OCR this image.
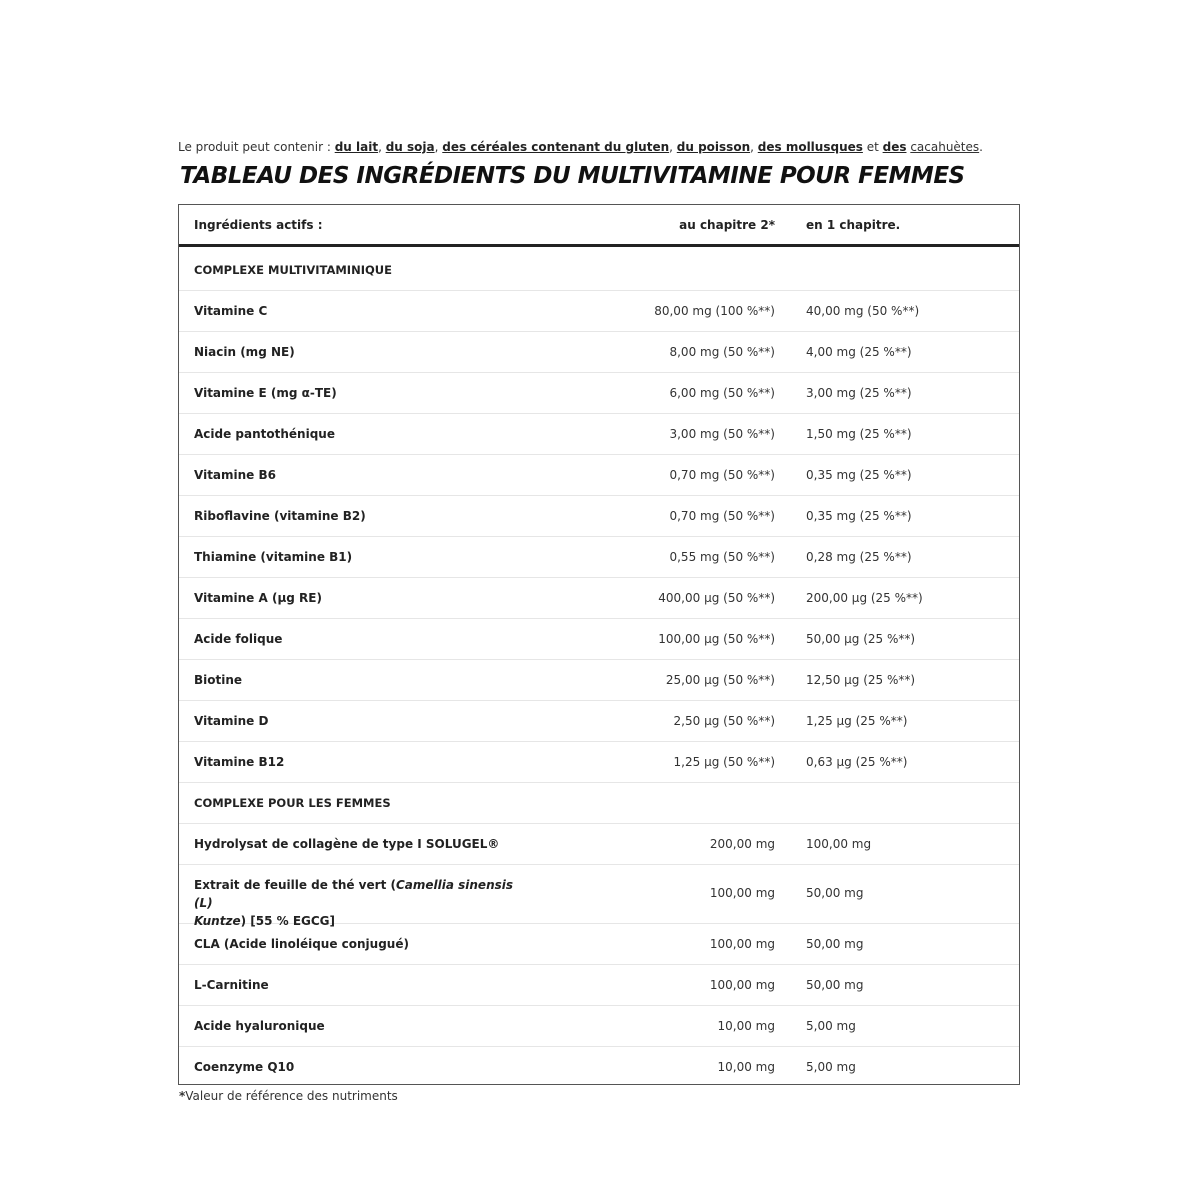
Le produit peut contenir : du lait, du soja, des céréales contenant du gluten, du poisson, des mollusques et des cacahuètes.

TABLEAU DES INGRÉDIENTS DU MULTIVITAMINE POUR FEMMES
Ingrédients actifs :	au chapitre 2*	en 1 chapitre.
COMPLEXE MULTIVITAMINIQUE
Vitamine C	80,00 mg (100 %**)	40,00 mg (50 %**)
Niacin (mg NE)	8,00 mg (50 %**)	4,00 mg (25 %**)
Vitamine E (mg α-TE)	6,00 mg (50 %**)	3,00 mg (25 %**)
Acide pantothénique	3,00 mg (50 %**)	1,50 mg (25 %**)
Vitamine B6	0,70 mg (50 %**)	0,35 mg (25 %**)
Riboflavine (vitamine B2)	0,70 mg (50 %**)	0,35 mg (25 %**)
Thiamine (vitamine B1)	0,55 mg (50 %**)	0,28 mg (25 %**)
Vitamine A (µg RE)	400,00 µg (50 %**)	200,00 µg (25 %**)
Acide folique	100,00 µg (50 %**)	50,00 µg (25 %**)
Biotine	25,00 µg (50 %**)	12,50 µg (25 %**)
Vitamine D	2,50 µg (50 %**)	1,25 µg (25 %**)
Vitamine B12	1,25 µg (50 %**)	0,63 µg (25 %**)
COMPLEXE POUR LES FEMMES
Hydrolysat de collagène de type I SOLUGEL®	200,00 mg	100,00 mg
Extrait de feuille de thé vert (Camellia sinensis (L)
Kuntze) [55 % EGCG]
100,00 mg	50,00 mg
CLA (Acide linoléique conjugué)	100,00 mg	50,00 mg
L-Carnitine	100,00 mg	50,00 mg
Acide hyaluronique	10,00 mg	5,00 mg
Coenzyme Q10	10,00 mg	5,00 mg

*Valeur de référence des nutriments
